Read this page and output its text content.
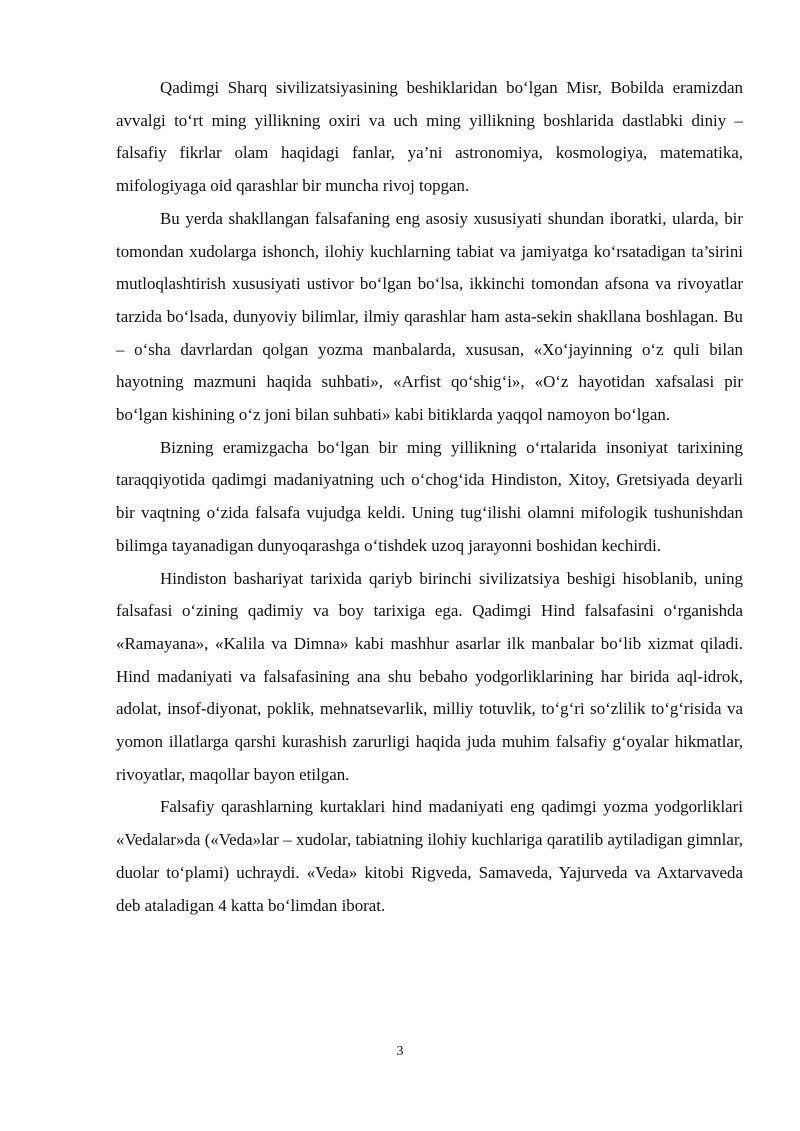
Qadimgi Sharq sivilizatsiyasining beshiklaridan bo‘lgan Misr, Bobilda eramizdan avvalgi to‘rt ming yillikning oxiri va uch ming yillikning boshlarida dastlabki diniy – falsafiy fikrlar olam haqidagi fanlar, ya’ni astronomiya, kosmologiya, matematika, mifologiyaga oid qarashlar bir muncha rivoj topgan.

Bu yerda shakllangan falsafaning eng asosiy xususiyati shundan iboratki, ularda, bir tomondan xudolarga ishonch, ilohiy kuchlarning tabiat va jamiyatga ko‘rsatadigan ta’sirini mutloqlashtirish xususiyati ustivor bo‘lgan bo‘lsa, ikkinchi tomondan afsona va rivoyatlar tarzida bo‘lsada, dunyoviy bilimlar, ilmiy qarashlar ham asta-sekin shakllana boshlagan. Bu – o‘sha davrlardan qolgan yozma manbalarda, xususan, «Xo‘jayinning o‘z quli bilan hayotning mazmuni haqida suhbati», «Arfist qo‘shig‘i», «O‘z hayotidan xafsalasi pir bo‘lgan kishining o‘z joni bilan suhbati» kabi bitiklarda yaqqol namoyon bo‘lgan.

Bizning eramizgacha bo‘lgan bir ming yillikning o‘rtalarida insoniyat tarixining taraqqiyotida qadimgi madaniyatning uch o‘chog‘ida Hindiston, Xitoy, Gretsiyada deyarli bir vaqtning o‘zida falsafa vujudga keldi. Uning tug‘ilishi olamni mifologik tushunishdan bilimga tayanadigan dunyoqarashga o‘tishdek uzoq jarayonni boshidan kechirdi.

Hindiston bashariyat tarixida qariyb birinchi sivilizatsiya beshigi hisoblanib, uning falsafasi o‘zining qadimiy va boy tarixiga ega. Qadimgi Hind falsafasini o‘rganishda «Ramayana», «Kalila va Dimna» kabi mashhur asarlar ilk manbalar bo‘lib xizmat qiladi. Hind madaniyati va falsafasining ana shu bebaho yodgorliklarining har birida aql-idrok, adolat, insof-diyonat, poklik, mehnatsevarlik, milliy totuvlik, to‘g‘ri so‘zlilik to‘g‘risida va yomon illatlarga qarshi kurashish zarurligi haqida juda muhim falsafiy g‘oyalar hikmatlar, rivoyatlar, maqollar bayon etilgan.

Falsafiy qarashlarning kurtaklari hind madaniyati eng qadimgi yozma yodgorliklari «Vedalar»da («Veda»lar – xudolar, tabiatning ilohiy kuchlariga qaratilib aytiladigan gimnlar, duolar to‘plami) uchraydi. «Veda» kitobi Rigveda, Samaveda, Yajurveda va Axtarvaveda deb ataladigan 4 katta bo‘limdan iborat.

3
